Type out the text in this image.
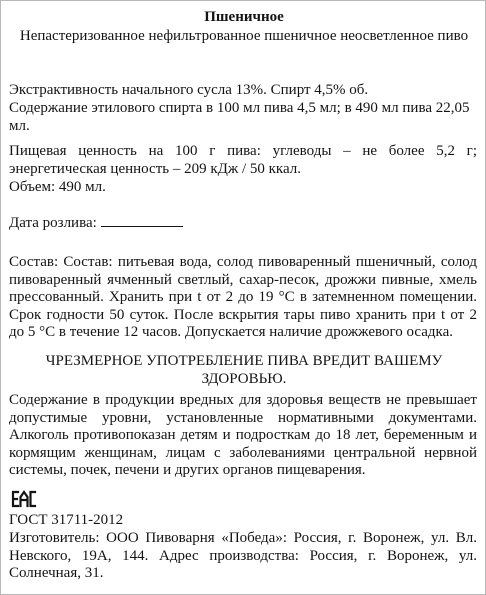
Пшеничное

Непастеризованное нефильтрованное пшеничное неосветленное пиво

Экстрактивность начального сусла 13%. Спирт 4,5% об.

Содержание этилового спирта в 100 мл пива 4,5 мл; в 490 мл пива 22,05 мл.

Пищевая ценность на 100 г пива: углеводы – не более 5,2 г; энергетическая ценность – 209 кДж / 50 ккал.

Объем: 490 мл.

Дата розлива:

Состав: Состав: питьевая вода, солод пивоваренный пшеничный, солод пивоваренный ячменный светлый, сахар-песок, дрожжи пивные, хмель прессованный. Хранить при t от 2 до 19 °С в затемненном помещении. Срок годности 50 суток. После вскрытия тары пиво хранить при t от 2 до 5 °С в течение 12 часов. Допускается наличие дрожжевого осадка.

ЧРЕЗМЕРНОЕ УПОТРЕБЛЕНИЕ ПИВА ВРЕДИТ ВАШЕМУ ЗДОРОВЬЮ.

Содержание в продукции вредных для здоровья веществ не превышает допустимые уровни, установленные нормативными документами. Алкоголь противопоказан детям и подросткам до 18 лет, беременным и кормящим женщинам, лицам с заболеваниями центральной нервной системы, почек, печени и других органов пищеварения.

ГОСТ 31711-2012

Изготовитель: ООО Пивоварня «Победа»: Россия, г. Воронеж, ул. Вл. Невского, 19А, 144. Адрес производства: Россия, г. Воронеж, ул. Солнечная, 31.
